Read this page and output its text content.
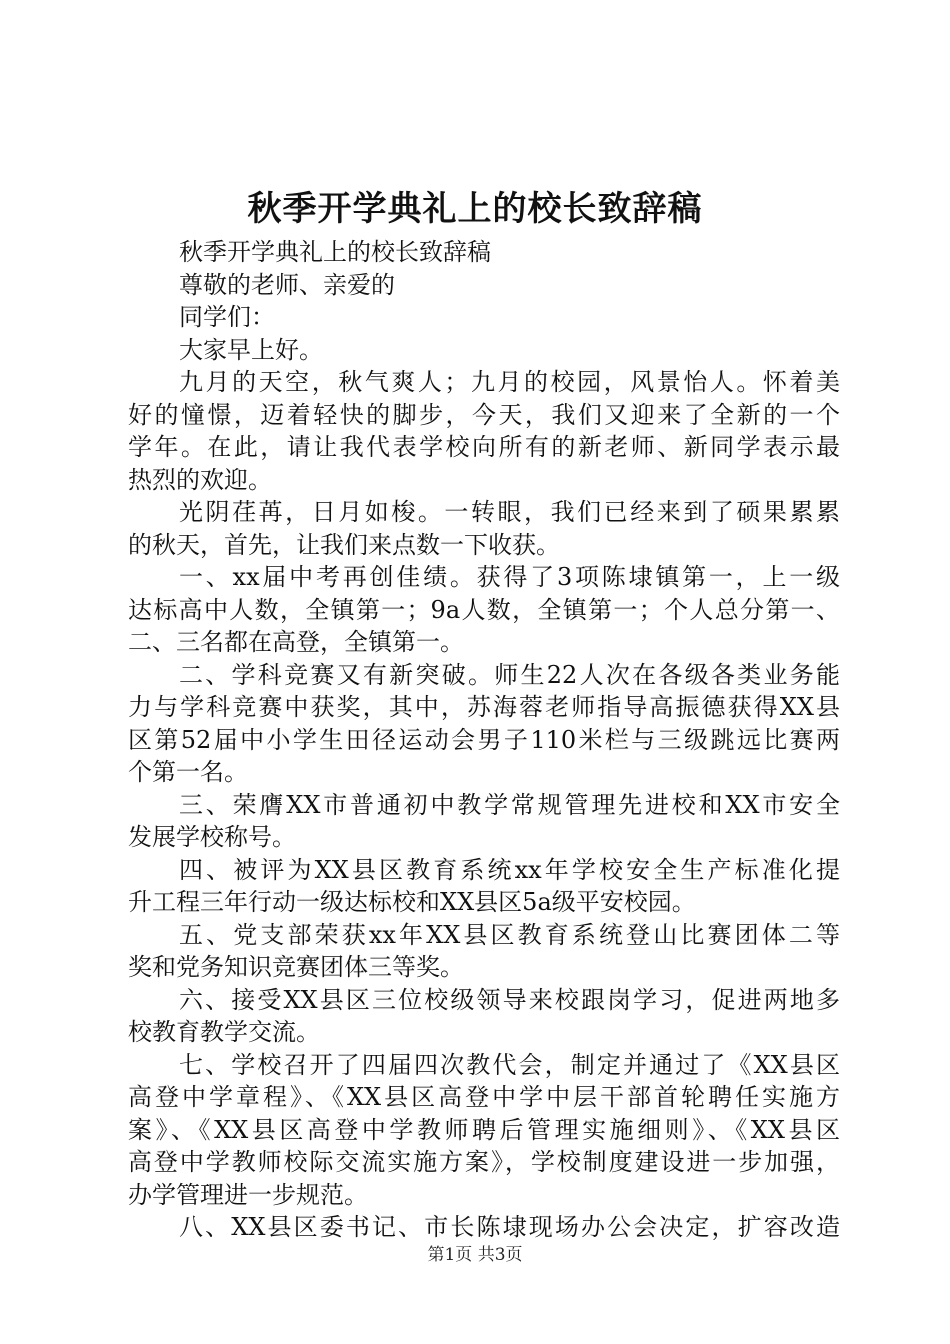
秋季开学典礼上的校长致辞稿
秋季开学典礼上的校长致辞稿
尊敬的老师、亲爱的
同学们：
大家早上好。
九月的天空，秋气爽人；九月的校园，风景怡人。怀着美
好的憧憬，迈着轻快的脚步，今天，我们又迎来了全新的一个
学年。在此，请让我代表学校向所有的新老师、新同学表示最
热烈的欢迎。
光阴荏苒，日月如梭。一转眼，我们已经来到了硕果累累
的秋天，首先，让我们来点数一下收获。
一、xx届中考再创佳绩。获得了3项陈埭镇第一，上一级
达标高中人数，全镇第一；9a人数，全镇第一；个人总分第一、
二、三名都在高登，全镇第一。
二、学科竞赛又有新突破。师生22人次在各级各类业务能
力与学科竞赛中获奖，其中，苏海蓉老师指导高振德获得XX县
区第52届中小学生田径运动会男子110米栏与三级跳远比赛两
个第一名。
三、荣膺XX市普通初中教学常规管理先进校和XX市安全
发展学校称号。
四、被评为XX县区教育系统xx年学校安全生产标准化提
升工程三年行动一级达标校和XX县区5a级平安校园。
五、党支部荣获xx年XX县区教育系统登山比赛团体二等
奖和党务知识竞赛团体三等奖。
六、接受XX县区三位校级领导来校跟岗学习，促进两地多
校教育教学交流。
七、学校召开了四届四次教代会，制定并通过了《XX县区
高登中学章程》、《XX县区高登中学中层干部首轮聘任实施方
案》、《XX县区高登中学教师聘后管理实施细则》、《XX县区
高登中学教师校际交流实施方案》，学校制度建设进一步加强，
办学管理进一步规范。
八、XX县区委书记、市长陈埭现场办公会决定，扩容改造
第1页 共3页
